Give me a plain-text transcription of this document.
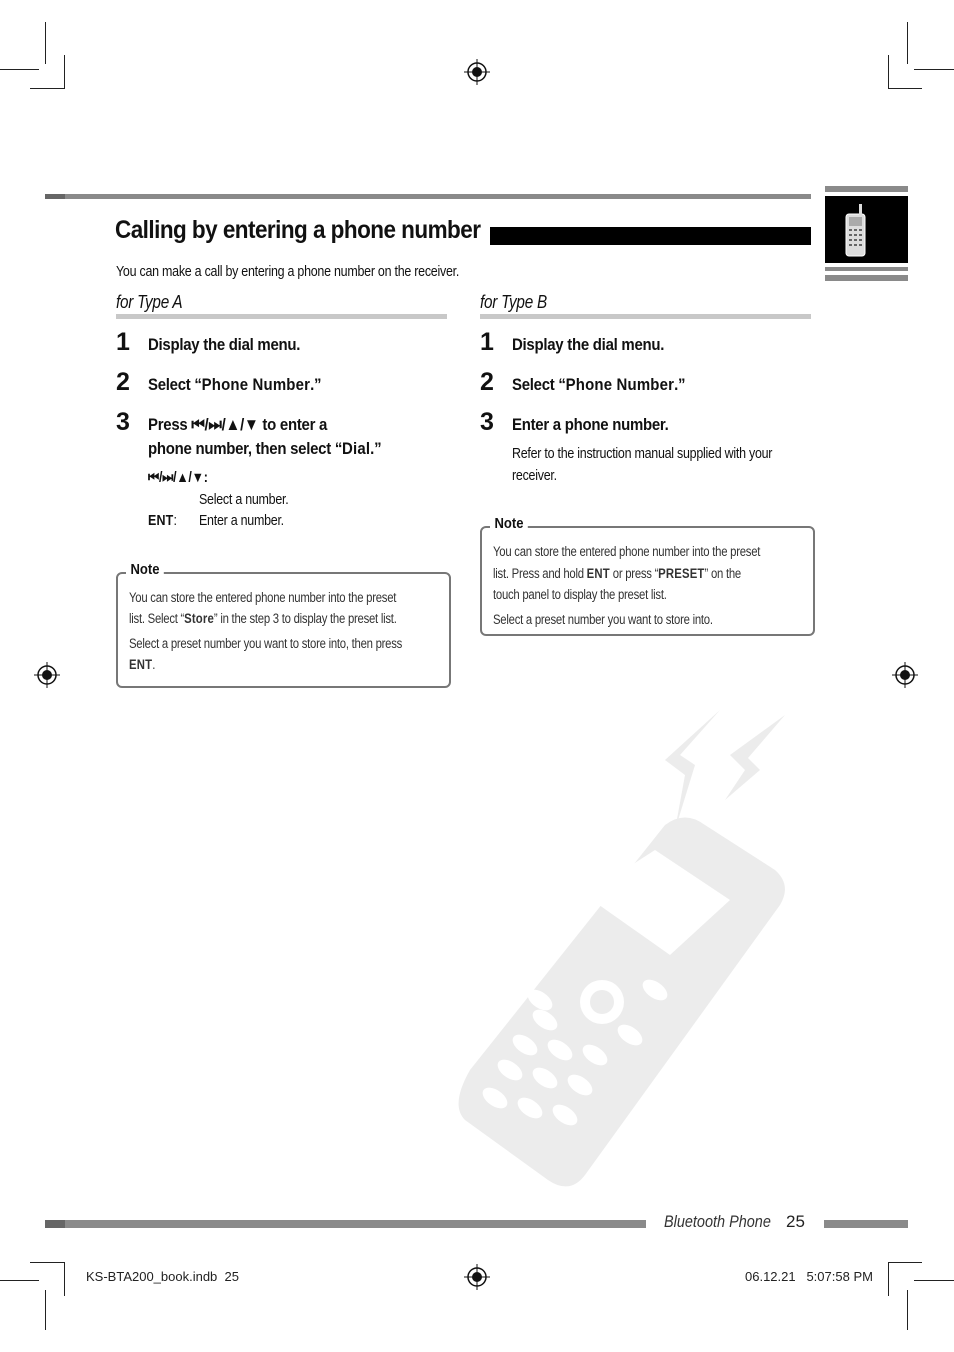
Calling by entering a phone number
You can make a call by entering a phone number on the receiver.
for Type A
1 Display the dial menu.
2 Select “Phone Number.”
3 Press ⏮/⏭/▲/▼ to enter a
phone number, then select “Dial.”
⏮/⏭/▲/▼:
Select a number.
ENT: Enter a number.
Note
You can store the entered phone number into the preset
list. Select “Store” in the step 3 to display the preset list.
Select a preset number you want to store into, then press
ENT.
for Type B
1 Display the dial menu.
2 Select “Phone Number.”
3 Enter a phone number.
Refer to the instruction manual supplied with your
receiver.
Note
You can store the entered phone number into the preset
list. Press and hold ENT or press “PRESET” on the
touch panel to display the preset list.
Select a preset number you want to store into.
Bluetooth Phone 25
KS-BTA200_book.indb 25	06.12.21 5:07:58 PM
